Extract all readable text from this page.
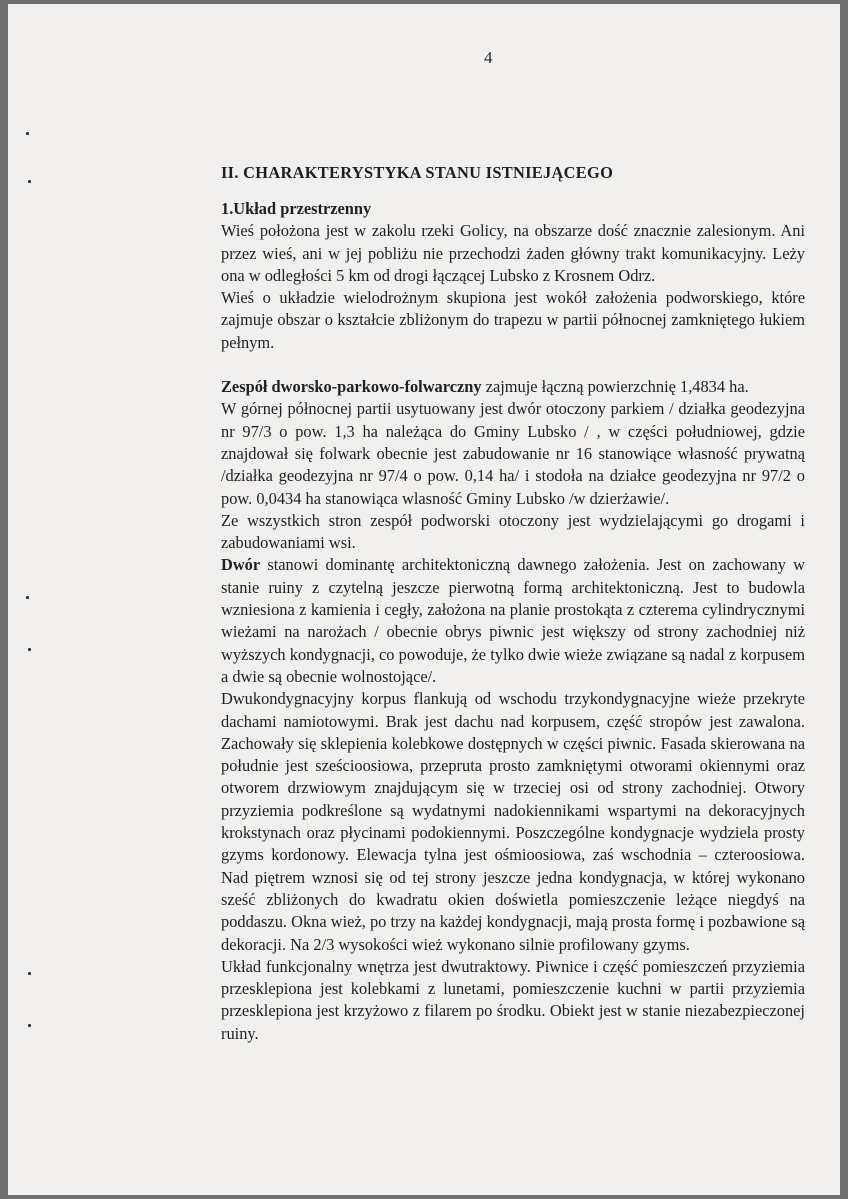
4
II. CHARAKTERYSTYKA STANU ISTNIEJĄCEGO

1.Układ przestrzenny

Wieś położona jest w zakolu rzeki Golicy, na obszarze dość znacznie zalesionym. Ani przez wieś, ani w jej pobliżu nie przechodzi żaden główny trakt komunikacyjny. Leży ona w odległości 5 km od drogi łączącej Lubsko z Krosnem Odrz.

Wieś o układzie wielodrożnym skupiona jest wokół założenia podworskiego, które zajmuje obszar o kształcie zbliżonym do trapezu w partii północnej zamkniętego łukiem pełnym.

Zespół dworsko-parkowo-folwarczny zajmuje łączną powierzchnię 1,4834 ha.

W górnej północnej partii usytuowany jest dwór otoczony parkiem / działka geodezyjna nr 97/3 o pow. 1,3 ha należąca do Gminy Lubsko / , w części południowej, gdzie znajdował się folwark obecnie jest zabudowanie nr 16 stanowiące własność prywatną /działka geodezyjna nr 97/4 o pow. 0,14 ha/ i stodoła na działce geodezyjna nr 97/2 o pow. 0,0434 ha stanowiąca wlasność Gminy Lubsko /w dzierżawie/.

Ze wszystkich stron zespół podworski otoczony jest wydzielającymi go drogami i zabudowaniami wsi.

Dwór stanowi dominantę architektoniczną dawnego założenia. Jest on zachowany w stanie ruiny z czytelną jeszcze pierwotną formą architektoniczną. Jest to budowla wzniesiona z kamienia i cegły, założona na planie prostokąta z czterema cylindrycznymi wieżami na narożach / obecnie obrys piwnic jest większy od strony zachodniej niż wyższych kondygnacji, co powoduje, że tylko dwie wieże związane są nadal z korpusem a dwie są obecnie wolnostojące/.

Dwukondygnacyjny korpus flankują od wschodu trzykondygnacyjne wieże przekryte dachami namiotowymi. Brak jest dachu nad korpusem, część stropów jest zawalona. Zachowały się sklepienia kolebkowe dostępnych w części piwnic. Fasada skierowana na południe jest sześcioosiowa, przepruta prosto zamkniętymi otworami okiennymi oraz otworem drzwiowym znajdującym się w trzeciej osi od strony zachodniej. Otwory przyziemia podkreślone są wydatnymi nadokiennikami wspartymi na dekoracyjnych krokstynach oraz płycinami podokiennymi. Poszczególne kondygnacje wydziela prosty gzyms kordonowy. Elewacja tylna jest ośmioosiowa, zaś wschodnia – czteroosiowa. Nad piętrem wznosi się od tej strony jeszcze jedna kondygnacja, w której wykonano sześć zbliżonych do kwadratu okien doświetla pomieszczenie leżące niegdyś na poddaszu. Okna wież, po trzy na każdej kondygnacji, mają prosta formę i pozbawione są dekoracji. Na 2/3 wysokości wież wykonano silnie profilowany gzyms.

Układ funkcjonalny wnętrza jest dwutraktowy. Piwnice i część pomieszczeń przyziemia przesklepiona jest kolebkami z lunetami, pomieszczenie kuchni w partii przyziemia przesklepiona jest krzyżowo z filarem po środku. Obiekt jest w stanie niezabezpieczonej ruiny.
